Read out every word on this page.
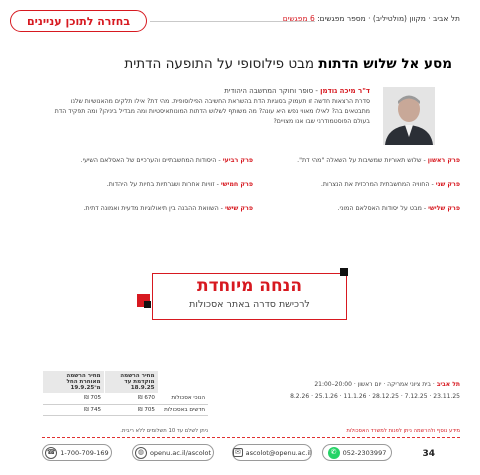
בחזרה לתוכן עניינים	תל אביב · מקוון (מולטיליב) · מספר מפגשים: 6 מפגשים
מסע אל שלוש הדתות מבט פילוסופי על התופעה הדתית
ד"ר מיכה גודמן - סופר וחוקר המחשבה היהודית
סדרת הרצאות חדשה זו תעמוק בסוגיות הדת בהשראת החשיבה הפילוסופית. מהי דת? אילו תלקים מהאנושיות שלנו מתבטאים בה? לאילו מאווי נפש היא עונה? מה משותף לשלוש הדתות המונותאיסטיות ומה מבדיל ביניהן? ומה תפקיד הדת בעולם הפוסטמודרני שבו אנו מצויים?
פרק ראשון - שלוש תאוריות שמשיבות על השאלה "מהי דת".
פרק שני - החוויה המחשבתית המרכזית את הנצרות.
פרק שלישי - מבט על יסודות האסלאם המוני.
פרק רביעי - היסודות המחשבתיים והערכיים של האסלאם השיעי.
פרק חמישי - זוויות אחרות ושגרתיות בחיות על היהדות.
פרק שישי - השוואת ההבנה בין תיאולוגיות מדעית ואמונה דתית.
הנחה מיוחדת
לרכישת סדרה באתר אסכולות
תל אביב · בית ציוני אמריקה · יום ראשון · 20:00–21:00
23.11.25 · 7.12.25 · 28.12.25 · 11.1.26 · 25.1.26 · 8.2.26
	מחיר הרשמה מוקדמת עד 18.9.25	מחיר הרשמה מאוחרת החל מ־19.9.25
הנוכי אסכולות	670 ₪	705 ₪
חדשים באסכולות	705 ₪	745 ₪
ניתן לשלם עד 10 תשלומים ללא ריבית.	מידע נוסף ולהרשמה ניתן לפנות למשרד האסכולות
☎ 1-700-709-169	◍ openu.ac.il/ascolot	✉ ascolot@openu.ac.il	✆ 052-2303997	34
